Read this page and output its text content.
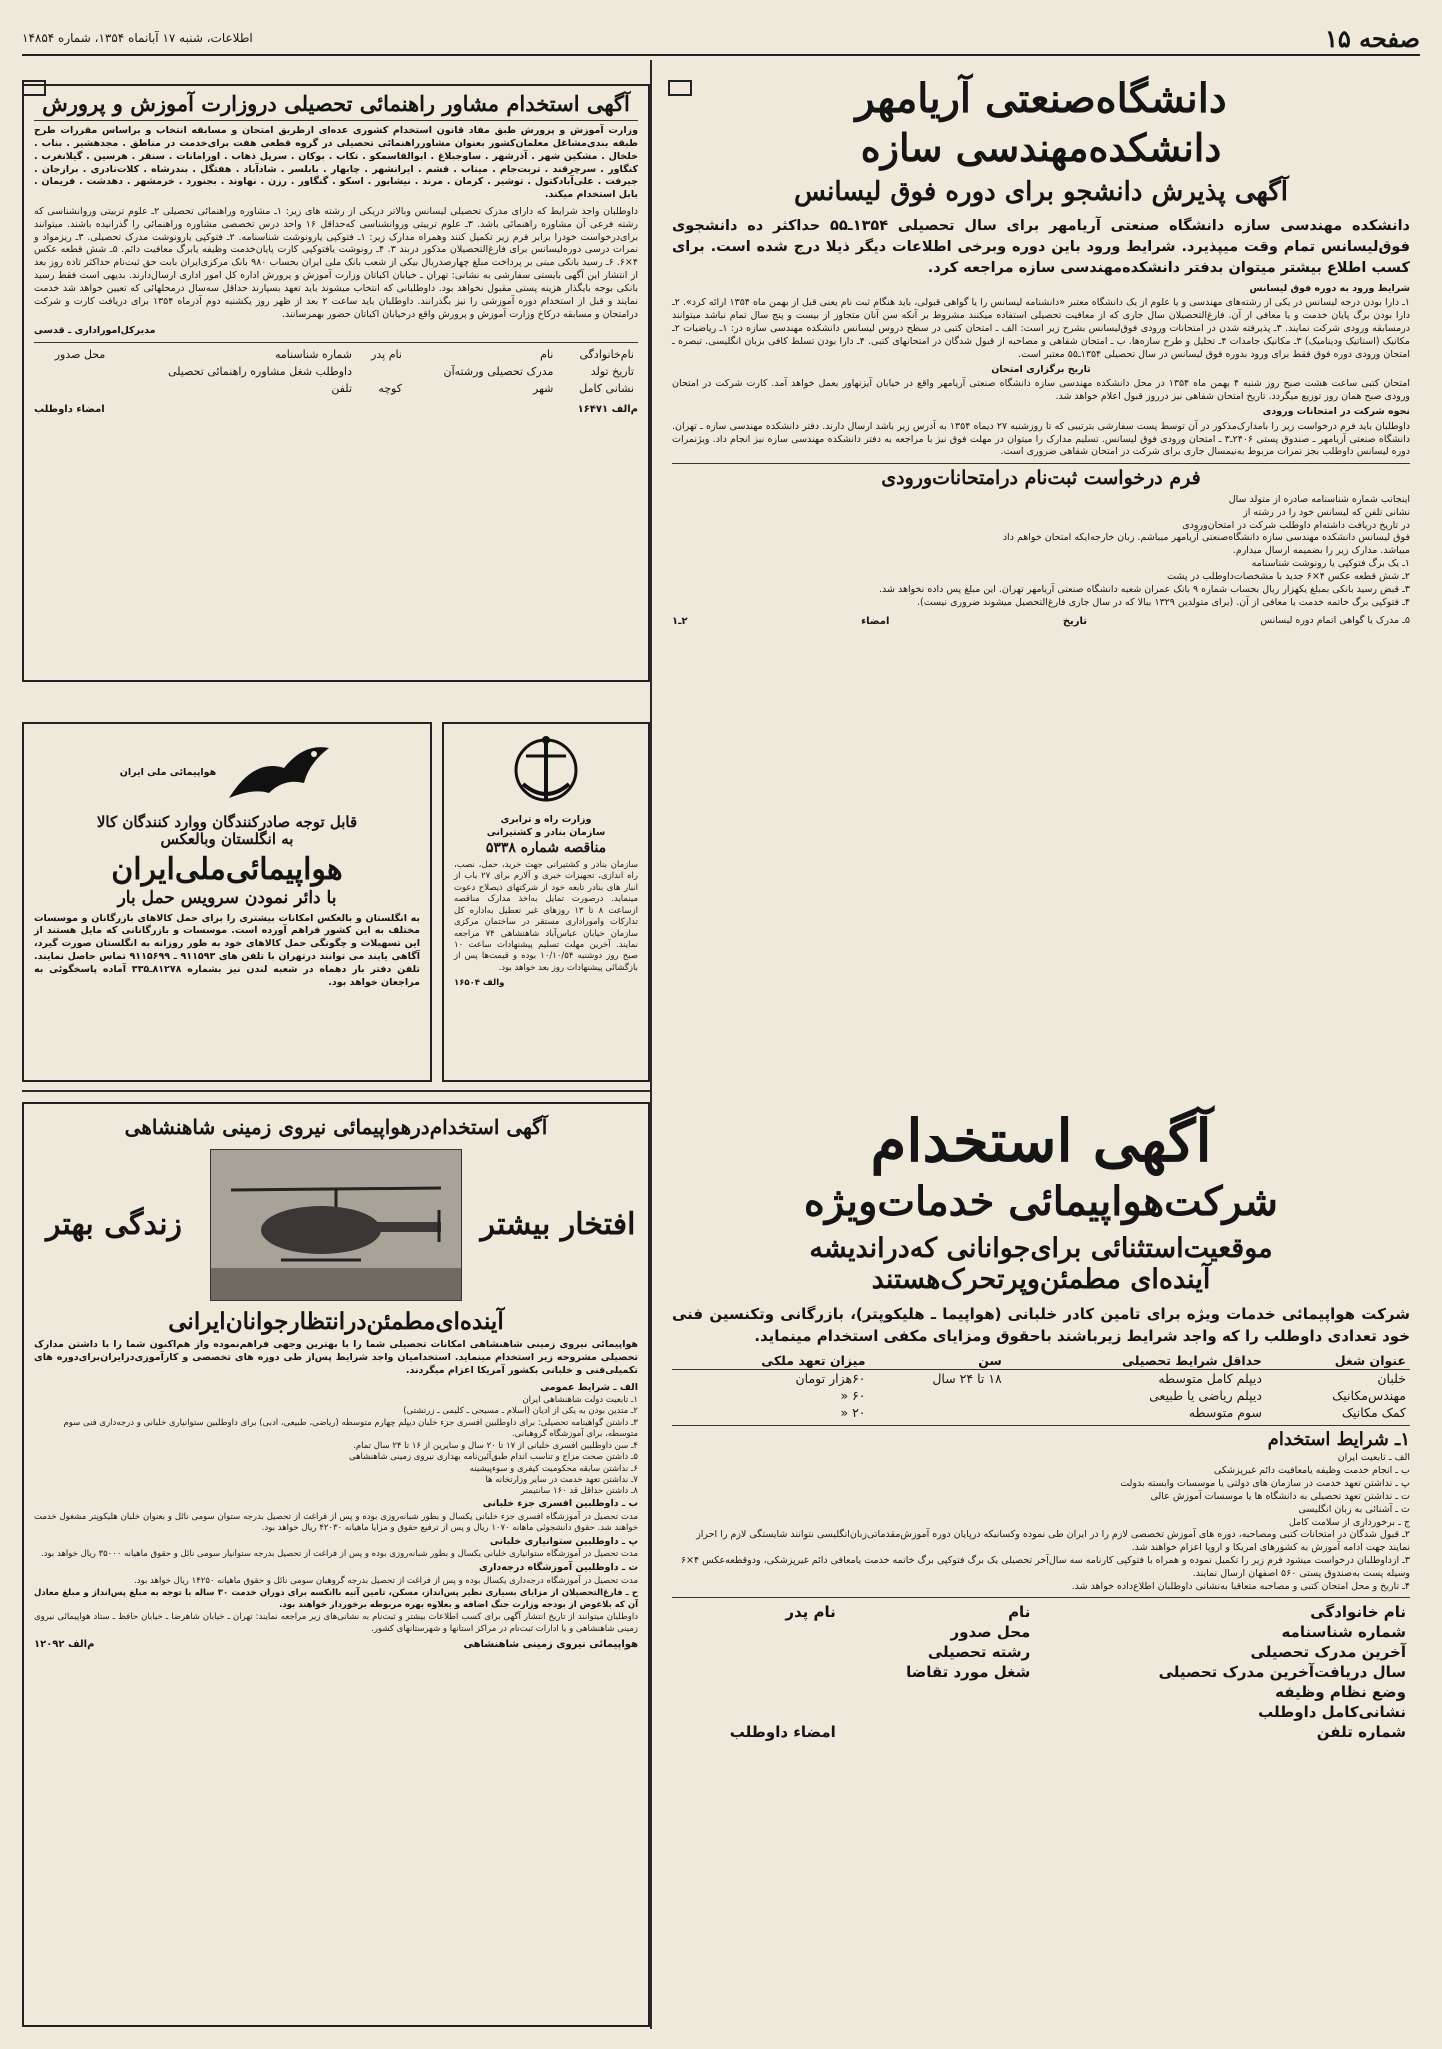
صفحه ۱۵
اطلاعات، شنبه ۱۷ آبانماه ۱۳۵۴، شماره ۱۴۸۵۴
دانشگاه‌صنعتی آریامهر
دانشکده‌مهندسی سازه
آگهی پذیرش دانشجو برای دوره فوق لیسانس

دانشکده مهندسی سازه دانشگاه صنعتی آریامهر برای سال تحصیلی ۱۳۵۴ـ۵۵ حداکثر ده دانشجوی فوق‌لیسانس تمام وقت میپذیرد. شرایط ورود باین دوره وبرخی اطلاعات دیگر ذیلا درج شده است. برای کسب اطلاع بیشتر میتوان بدفتر دانشکده‌مهندسی سازه مراجعه کرد.

شرایط ورود به دوره فوق لیسانس

۱ـ دارا بودن درجه لیسانس در یکی از رشته‌های مهندسی و یا علوم از یک دانشگاه معتبر «دانشنامه لیسانس را یا گواهی قبولی، باید هنگام ثبت نام یعنی قبل از بهمن ماه ۱۳۵۴ ارائه کرد». ۲ـ دارا بودن برگ پایان خدمت و یا معافی از آن. فارغ‌التحصیلان سال جاری که از معافیت تحصیلی استفاده میکنند مشروط بر آنکه سن آنان متجاوز از بیست و پنج سال تمام نباشد میتوانند درمسابقه ورودی شرکت نمایند. ۳ـ پذیرفته شدن در امتحانات ورودی فوق‌لیسانس بشرح زیر است: الف ـ امتحان کتبی در سطح دروس لیسانس دانشکده مهندسی سازه در: ۱ـ ریاضیات ۲ـ مکانیک (استاتیک ودینامیک) ۳ـ مکانیک جامدات ۴ـ تحلیل و طرح سازه‌ها. ب ـ امتحان شفاهی و مصاحبه از قبول شدگان در امتحانهای کتبی. ۴ـ دارا بودن تسلط کافی بزبان انگلیسی. تبصره ـ امتحان ورودی دوره فوق فقط برای ورود بدوره فوق لیسانس در سال تحصیلی ۱۳۵۴ـ۵۵ معتبر است.

تاریخ برگزاری امتحان

امتحان کتبی ساعت هشت صبح روز شنبه ۴ بهمن ماه ۱۳۵۴ در محل دانشکده مهندسی سازه دانشگاه صنعتی آریامهر واقع در خیابان آیزنهاور بعمل خواهد آمد. کارت شرکت در امتحان ورودی صبح همان روز توزیع میگردد. تاریخ امتحان شفاهی نیز درروز قبول اعلام خواهد شد.

نحوه شرکت در امتحانات ورودی

داوطلبان باید فرم درخواست زیر را بامدارک‌مذکور در آن توسط پست سفارشی بترتیبی که تا روزشنبه ۲۷ دیماه ۱۳۵۴ به آدرس زیر باشد ارسال دارند. دفتر دانشکده مهندسی سازه ـ تهران. دانشگاه صنعتی آریامهر ـ صندوق پستی ۲۴۰۶ـ۳ ـ امتحان ورودی فوق لیسانس. تسلیم مدارک را میتوان در مهلت فوق نیز با مراجعه به دفتر دانشکده مهندسی سازه نیز انجام داد. ویژ‌نمرات دوره لیسانس داوطلب بجز نمرات مربوط به‌نیمسال جاری برای شرکت در امتحان شفاهی ضروری است.

فرم درخواست ثبت‌نام درامتحانات‌ورودی
اینجانب شماره شناسنامه صادره از متولد سال
نشانی تلفن که لیسانس خود را در رشته از
در تاریخ دریافت داشته‌ام داوطلب شرکت در امتحان‌ورودی
فوق لیسانس دانشکده مهندسی سازه دانشگاه‌صنعتی آریامهر میباشم. زبان خارجه‌ایکه امتحان خواهم داد
میباشد. مدارک زیر را بضمیمه ارسال میدارم.
۱ـ یک برگ فتوکپی یا رونوشت شناسنامه
۲ـ شش قطعه عکس ۴×۶ جدید با مشخصات‌داوطلب در پشت
۳ـ قبض رسید بانکی بمبلغ یکهزار ریال بحساب شماره ۹ بانک عمران شعبه دانشگاه صنعتی آریامهر تهران. این مبلغ پس داده نخواهد شد.
۴ـ فتوکپی برگ خاتمه خدمت یا معافی از آن. (برای متولدین ۱۳۲۹ ببالا که در سال جاری فارغ‌التحصیل میشوند ضروری نیست).
۵ـ مدرک یا گواهی اتمام دوره لیسانس
تاریخ
امضاء
۲ـ۱
آگهی استخدام مشاور راهنمائی تحصیلی دروزارت آموزش و پرورش

وزارت آموزش و پرورش طبق مفاد قانون استخدام کشوری عده‌ای ازطریق امتحان و مسابقه انتخاب و براساس مقررات طرح طبقه بندی‌مشاغل معلمان‌کشور بعنوان مشاورراهنمائی تحصیلی در گروه قطعی هفت برای‌خدمت در مناطق . مجدهشیر . بناب . خلخال . مشکین شهر . آذرشهر . ساوجبلاغ . ابوالقاسمکو . تکاب . بوکان . سرپل ذهاب . اورامانات . سنقر . هرسین . گیلانغرب . کنگاور . سرچرقند . تربت‌جام . میناب . قشم . ایرانشهر . چابهار . بابلسر . شادآباد . هفتگل . بندرشاه . کلات‌نادری . برازجان . جیرفت . علی‌آبادکتول . توشیر . کرمان . مرند . نیشابور . اسکو . گنگاور . رزن . نهاوند . بجنورد . خرمشهر . دهدشت . فریمان . بابل استخدام میکند.

داوطلبان واجد شرایط که دارای مدرک تحصیلی لیسانس وبالاتر دریکی از رشته های زیر: ۱ـ مشاوره وراهنمائی تحصیلی ۲ـ علوم تربیتی وروانشناسی که رشته فرعی آن مشاوره راهنمائی باشد. ۳ـ علوم تربیتی وروانشناسی که‌حداقل ۱۶ واحد درس تخصصی مشاوره وراهنمائی را گذرانیده باشند. میتوانند برای‌درخواست خودرا برابر فرم زیر تکمیل کنند وهمراه مدارک زیر: ۱ـ فتوکپی یارونوشت شناسنامه. ۲ـ فتوکپی یارونوشت مدرک تحصیلی. ۳ـ ریزمواد و نمرات درسی دوره‌لیسانس برای فارغ‌التحصیلان مذکور دربند ۳. ۴ـ رونوشت یافتوکپی کارت پایان‌خدمت وظیفه یابرگ معافیت دائم. ۵ـ شش قطعه عکس ۴×۶. ۶ـ رسید بانکی مبنی بر پرداخت مبلغ چهارصدریال بیکی از شعب بانک ملی ایران بحساب ۹۸۰ بانک مرکزی‌ایران بابت حق ثبت‌نام حداکثر تاده روز بعد از انتشار این آگهی بایستی سفارشی به نشانی: تهران ـ خیابان اکباتان وزارت آموزش و پرورش اداره کل امور اداری ارسال‌دارند. بدیهی است فقط رسید بانکی بوجه با‌یگذار هزینه پستی مقبول نخواهد بود. داوطلبانی که انتخاب میشوند باید تعهد بسپارند حداقل سه‌سال درمحلهائی که تعیین خواهد شد خدمت نمایند و قبل از استخدام دوره آموزشی را نیز بگذرانند. داوطلبان باید ساعت ۲ بعد از ظهر روز یکشنبه دوم آذرماه ۱۳۵۴ برای دریافت کارت و شرکت درامتحان و مسابقه درکاخ وزارت آموزش و پرورش واقع درخیابان اکباتان حضور بهمرسانند.

مدیرکل‌اموراداری ـ قدسی
نام‌خانوادگی	نام	نام پدر	شماره شناسنامه	محل صدور
تاریخ تولد	مدرک تحصیلی ورشته‌آن		داوطلب شغل مشاوره راهنمائی تحصیلی	
نشانی کامل	شهر	کوچه	تلفن	
م‌الف ۱۶۴۷۱
امضاء داوطلب
هواپیمائی ملی ایران
قابل توجه صادرکنندگان ووارد کنندگان کالا
به انگلستان وبالعکس
هواپیمائی‌ملی‌ایران
با دائر نمودن سرویس حمل بار

به انگلستان و بالعکس امکانات بیشتری را برای حمل کالاهای بازرگانان و موسسات مختلف به این کشور فراهم آورده است. موسسات و بازرگانانی که مایل هستند از این تسهیلات و چگونگی حمل کالاهای خود به طور روزانه به انگلستان صورت گیرد، آگاهی یابند می توانند درتهران با تلفن های ۹۱۱۵۹۳ ـ ۹۱۱۵۶۹۹ تماس حاصل نمایند. تلفن دفتر بار دهماه در شعبه لندن نیز بشماره ۸۱۲۷۸ـ۳۳۵ آماده پاسخگوئی به مراجعان خواهد بود.

وزارت راه و ترابری
سازمان بنادر و کشتیرانی
مناقصه شماره ۵۳۳۸

سازمان بنادر و کشتیرانی جهت خرید، حمل، نصب، راه اندازی، تجهیزات خبری و آلارم برای ۲۷ باب از انبار های بنادر تابعه خود از شرکتهای ذیصلاح دعوت مینماید. درصورت تمایل به‌اخذ مدارک مناقصه ازساعت ۸ تا ۱۳ روز‌های غیر تعطیل به‌اداره کل تدارکات واموراداری مستقر در ساختمان مرکزی سازمان خیابان عباس‌آباد شاهنشاهی ۷۴ مراجعه نمایند. آخرین مهلت تسلیم پیشنهادات ساعت ۱۰ صبح روز دوشنبه ۱۰/۱۰/۵۴ بوده و قیمت‌ها پس از بازگشائی پیشنهادات روز بعد خواهد بود.

والف ۱۶۵۰۴
آگهی استخدام
شرکت‌هواپیمائی خدمات‌ویژه
موقعیت‌استثنائی برای‌جوانانی که‌درانديشه
آینده‌ای مطمئن‌وپرتحرک‌هستند

شرکت هواپیمائی خدمات ویژه برای تامین کادر خلبانی (هواپیما ـ هلیکوپتر)، بازرگانی وتکنسین فنی خود تعدادی داوطلب را که واجد شرایط زیرباشند باحقوق ومزایای مکفی استخدام مینماید.

عنوان شغل	حداقل شرایط تحصیلی	سن	میزان تعهد ملکی
خلبان	دیپلم کامل متوسطه	۱۸ تا ۲۴ سال	۶۰هزار تومان
مهندس‌مکانیک	دیپلم ریاضی یا طبیعی		۶۰ «
کمک مکانیک	سوم متوسطه		۲۰ «
۱ـ شرایط استخدام
الف ـ تابعیت ایران
ب ـ انجام خدمت وظیفه یامعافیت دائم غیرپزشکی
پ ـ نداشتن تعهد خدمت در سازمان های دولتی یا موسسات وابسته بدولت
ت ـ نداشتن تعهد تحصیلی به دانشگاه ها یا موسسات آموزش عالی
ث ـ آشنائی به زبان انگلیسی
ج ـ برخورداری از سلامت کامل
۲ـ قبول شدگان در امتحانات کتبی ومصاحبه، دوره های آموزش تخصصی لازم را در ایران طی نموده وکسانیکه درپایان دوره آموزش‌مقدماتی‌زبان‌انگلیسی نتوانند شایستگی لازم را احراز نمایند جهت ادامه آموزش به کشورهای امریکا و اروپا اعزام خواهند شد.
۳ـ ازداوطلبان درخواست میشود فرم زیر را تکمیل نموده و همراه با فتوکپی کارنامه سه سال‌آخر تحصیلی یک برگ فتوکپی برگ خاتمه خدمت یامعافی دائم غیرپزشکی، ودوقطعه‌عکس ۴×۶ وسیله پست به‌صندوق پستی ۵۶۰ اصفهان ارسال نمایند.
۴ـ تاریخ و محل امتحان کتبی و مصاحبه متعاقبا به‌نشانی داوطلبان اطلاع‌داده خواهد شد.
نام خانوادگی	نام	نام پدر
شماره شناسنامه	محل صدور	
آخرین مدرک تحصیلی	رشته تحصیلی	
سال دریافت‌آخرین مدرک تحصیلی	شغل مورد تقاضا	
وضع نظام وظیفه		
نشانی‌کامل داوطلب		
شماره تلفن		امضاء داوطلب
آگهی استخدام‌درهواپیمائی نیروی زمینی شاهنشاهی
افتخار بیشتر
زندگی بهتر
آینده‌ای‌مطمئن‌درانتظار‌جوانان‌ایرانی

هواپیمائی نیروی زمینی شاهنشاهی امکانات تحصیلی شما را با بهترین وجهی فراهم‌نموده واز هم‌اکنون شما را با داشتن مدارک تحصیلی مشروحه زیر استخدام مینماید. استخدامیان واجد شرایط پس‌از طی دوره های تخصصی و کارآموزی‌در‌ایران‌برای‌دوره های تکمیلی‌فنی و خلبانی بکشور آمریکا اعزام میگردند.

الف ـ شرایط عمومی
۱ـ تابعیت دولت شاهنشاهی ایران
۲ـ متدین بودن به یکی از ادیان (اسلام ـ مسیحی ـ کلیمی ـ زرتشتی)
۳ـ داشتن گواهینامه تحصیلی: برای داوطلبین افسری جزء خلبان دیپلم چهارم متوسطه (ریاضی، طبیعی، ادبی) برای داوطلبین ستوانیاری خلبانی و درجه‌داری فنی سوم متوسطه، برای آموزشگاه گروهبانی.
۴ـ سن داوطلبین افسری خلبانی از ۱۷ تا ۲۰ سال و سایرین از ۱۶ تا ۲۴ سال تمام.
۵ـ داشتن صحت مزاج و تناسب اندام طبق‌آئین‌نامه بهداری نیروی زمینی شاهنشاهی
۶ـ نداشتن سابقه محکومیت کیفری و سوءپیشینه
۷ـ نداشتن تعهد خدمت در سایر وزارتخانه ها
۸ـ داشتن حداقل قد ۱۶۰ سانتیمتر
ب ـ داوطلبین افسری جزء خلبانی

مدت تحصیل در آموزشگاه افسری جزء خلبانی یکسال و بطور شبانه‌روزی بوده و پس از فراغت از تحصیل بدرجه ستوان سومی نائل و بعنوان خلبان هلیکوپتر مشغول خدمت خواهند شد. حقوق دانشجوئی ماهانه ۱۰۷۰ ریال و پس از ترفیع حقوق و مزایا ماهیانه ۴۲۰۳۰ ریال خواهد بود.

پ ـ داوطلبین ستوانیاری خلبانی

مدت تحصیل در آموزشگاه ستوانیاری خلبانی یکسال و بطور شبانه‌روزی بوده و پس از فراغت از تحصیل بدرجه ستوانیار سومی نائل و حقوق ماهیانه ۳۵۰۰۰ ریال خواهد بود.

ت ـ داوطلبین آموزشگاه درجه‌داری

مدت تحصیل در آموزشگاه درجه‌داری یکسال بوده و پس از فراغت از تحصیل بدرجه گروهبان سومی نائل و حقوق ماهیانه ۱۴۲۵۰ ریال خواهد بود.

ح ـ فارغ‌التحصیلان از مزایای بسیاری نظیر پس‌انداز، مسکن، تامین آتیه با‌انکسه برای دوران خدمت ۳۰ ساله با توجه به مبلغ پس‌انداز و مبلغ معادل آن که بلاعوض از بودجه وزارت جنگ اضافه و بعلاوه بهره مربوطه برخوردار خواهند بود.

داوطلبان میتوانند از تاریخ انتشار آگهی برای کسب اطلاعات بیشتر و ثبت‌نام به نشانی‌های زیر مراجعه نمایند: تهران ـ خیابان شاهرضا ـ خیابان حافظ ـ ستاد هواپیمائی نیروی زمینی شاهنشاهی و یا ادارات ثبت‌نام در مراکز استانها و شهرستانهای کشور.

هواپیمائی نیروی زمینی شاهنشاهی
م‌الف ۱۲۰۹۲
